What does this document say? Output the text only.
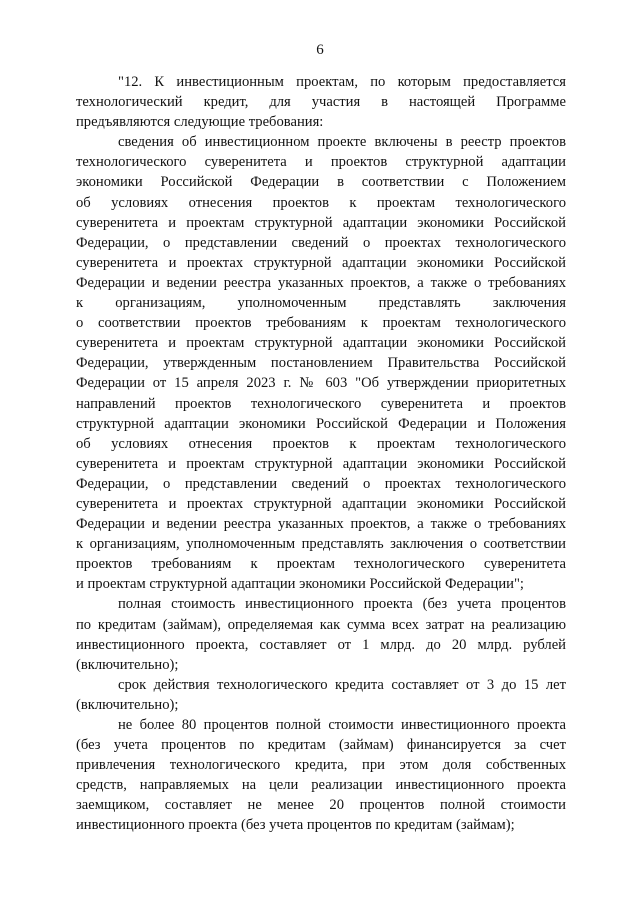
6
"12. К инвестиционным проектам, по которым предоставляется
технологический кредит, для участия в настоящей Программе
предъявляются следующие требования:
сведения об инвестиционном проекте включены в реестр проектов
технологического суверенитета и проектов структурной адаптации
экономики Российской Федерации в соответствии с Положением
об условиях отнесения проектов к проектам технологического
суверенитета и проектам структурной адаптации экономики Российской
Федерации, о представлении сведений о проектах технологического
суверенитета и проектах структурной адаптации экономики Российской
Федерации и ведении реестра указанных проектов, а также о требованиях
к организациям, уполномоченным представлять заключения
о соответствии проектов требованиям к проектам технологического
суверенитета и проектам структурной адаптации экономики Российской
Федерации, утвержденным постановлением Правительства Российской
Федерации от 15 апреля 2023 г. № 603 "Об утверждении приоритетных
направлений проектов технологического суверенитета и проектов
структурной адаптации экономики Российской Федерации и Положения
об условиях отнесения проектов к проектам технологического
суверенитета и проектам структурной адаптации экономики Российской
Федерации, о представлении сведений о проектах технологического
суверенитета и проектах структурной адаптации экономики Российской
Федерации и ведении реестра указанных проектов, а также о требованиях
к организациям, уполномоченным представлять заключения о соответствии
проектов требованиям к проектам технологического суверенитета
и проектам структурной адаптации экономики Российской Федерации";
полная стоимость инвестиционного проекта (без учета процентов
по кредитам (займам), определяемая как сумма всех затрат на реализацию
инвестиционного проекта, составляет от 1 млрд. до 20 млрд. рублей
(включительно);
срок действия технологического кредита составляет от 3 до 15 лет
(включительно);
не более 80 процентов полной стоимости инвестиционного проекта
(без учета процентов по кредитам (займам) финансируется за счет
привлечения технологического кредита, при этом доля собственных
средств, направляемых на цели реализации инвестиционного проекта
заемщиком, составляет не менее 20 процентов полной стоимости
инвестиционного проекта (без учета процентов по кредитам (займам);
